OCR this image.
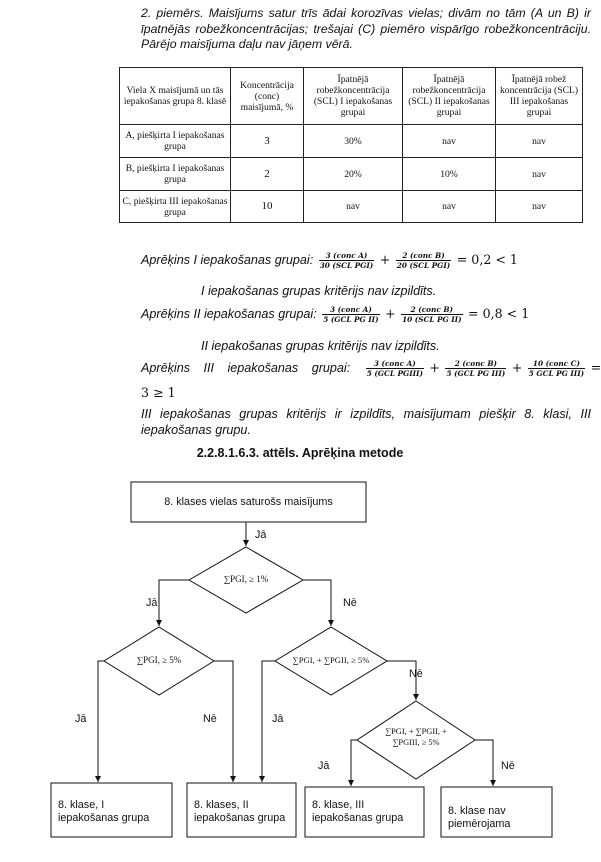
2. piemērs. Maisījums satur trīs ādai korozīvas vielas; divām no tām (A un B) ir īpatnējās robežkoncentrācijas; trešajai (C) piemēro vispārīgo robežkoncentrāciju. Pārējo maisījuma daļu nav jāņem vērā.

Viela X maisījumā un tās iepakošanas grupa 8. klasē	Koncentrācija (conc) maisījumā, %	Īpatnējā robežkoncentrācija (SCL) I iepakošanas grupai	Īpatnējā robežkoncentrācija (SCL) II iepakošanas grupai	Īpatnējā robež koncentrācija (SCL) III iepakošanas grupai
A, piešķirta I iepakošanas grupa	3	30%	nav	nav
B, piešķirta I iepakošanas grupa	2	20%	10%	nav
C, piešķirta III iepakošanas grupa	10	nav	nav	nav
Aprēķins I iepakošanas grupai: $\frac{\text{3 (conc A)}}{\text{30 (SCL PGI)}} + \frac{\text{2 (conc B)}}{\text{20 (SCL PGI)}} = 0,2 < 1$
I iepakošanas grupas kritērijs nav izpildīts.
Aprēķins II iepakošanas grupai: $\frac{\text{3 (conc A)}}{\text{5 (GCL PG II)}} + \frac{\text{2 (conc B)}}{\text{10 (SCL PG II)}} = 0,8 < 1$
II iepakošanas grupas kritērijs nav izpildīts.
Aprēķins III iepakošanas grupai: $\frac{\text{3 (conc A)}}{\text{5 (GCL PGIII)}} + \frac{\text{2 (conc B)}}{\text{5 (GCL PG III)}} + \frac{\text{10 (conc C)}}{\text{5 GCL PG III)}}$ =
3 ≥ 1

III iepakošanas grupas kritērijs ir izpildīts, maisījumam piešķir 8. klasi, III iepakošanas grupu.

2.2.8.1.6.3. attēls. Aprēķina metode
8. klases vielas saturošs maisījums
Jā
∑PGI, ≥ 1%
Jā	Nē
∑PGI, ≥ 5%	∑PGI, + ∑PGII, ≥ 5%
Nē
Jā	Nē	Jā
∑PGI, + ∑PGII, + ∑PGIII, ≥ 5%
Jā	Nē
8. klase, I iepakošanas grupa
8. klases, II iepakošanas grupa
8. klase, III iepakošanas grupa
8. klase nav piemērojama
